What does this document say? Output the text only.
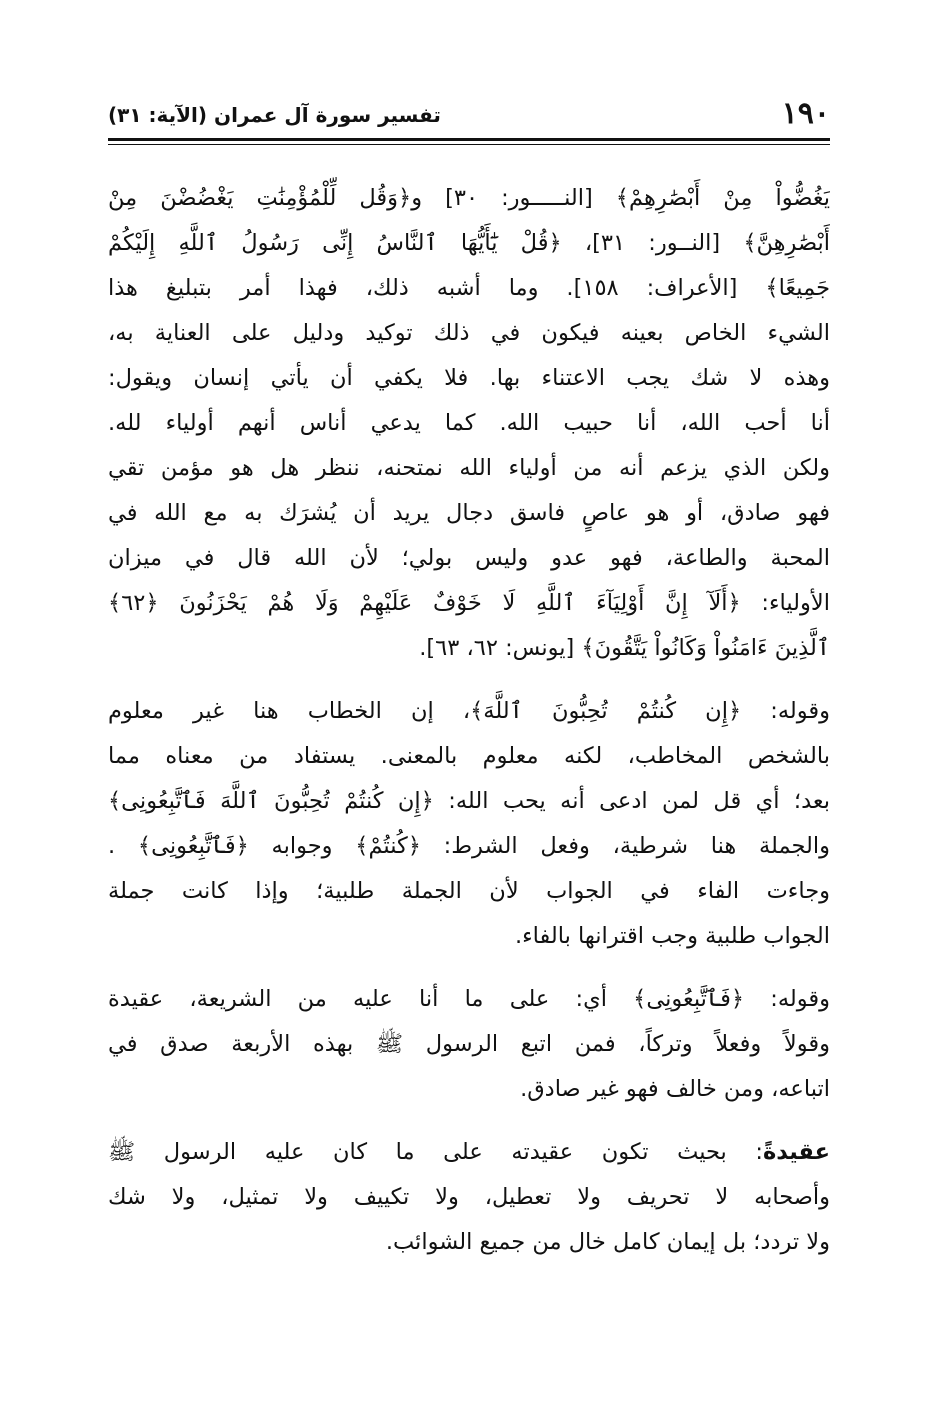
١٩٠
تفسير سورة آل عمران (الآية: ٣١)
يَغُضُّواْ مِنْ أَبْصَٰرِهِمْ﴾ [النـــــور: ٣٠] و﴿وَقُل لِّلْمُؤْمِنَٰتِ يَغْضُضْنَ مِنْ
أَبْصَٰرِهِنَّ﴾ [النــور: ٣١]، ﴿قُلْ يَٰٓأَيُّهَا ٱلنَّاسُ إِنِّى رَسُولُ ٱللَّهِ إِلَيْكُمْ
جَمِيعًا﴾ [الأعراف: ١٥٨]. وما أشبه ذلك، فهذا أمر بتبليغ هذا
الشيء الخاص بعينه فيكون في ذلك توكيد ودليل على العناية به،
وهذه لا شك يجب الاعتناء بها. فلا يكفي أن يأتي إنسان ويقول:
أنا أحب الله، أنا حبيب الله. كما يدعي أناس أنهم أولياء لله.
ولكن الذي يزعم أنه من أولياء الله نمتحنه، ننظر هل هو مؤمن تقي
فهو صادق، أو هو عاصٍ فاسق دجال يريد أن يُشرَك به مع الله في
المحبة والطاعة، فهو عدو وليس بولي؛ لأن الله قال في ميزان
الأولياء: ﴿أَلَآ إِنَّ أَوْلِيَآءَ ٱللَّهِ لَا خَوْفٌ عَلَيْهِمْ وَلَا هُمْ يَحْزَنُونَ ﴿٦٢﴾
ٱلَّذِينَ ءَامَنُواْ وَكَانُواْ يَتَّقُونَ﴾ [يونس: ٦٢، ٦٣].
وقوله: ﴿إِن كُنتُمْ تُحِبُّونَ ٱللَّهَ﴾، إن الخطاب هنا غير معلوم
بالشخص المخاطب، لكنه معلوم بالمعنى. يستفاد من معناه مما
بعد؛ أي قل لمن ادعى أنه يحب الله: ﴿إِن كُنتُمْ تُحِبُّونَ ٱللَّهَ فَٱتَّبِعُونِى﴾
والجملة هنا شرطية، وفعل الشرط: ﴿كُنتُمْ﴾ وجوابه ﴿فَٱتَّبِعُونِى﴾ .
وجاءت الفاء في الجواب لأن الجملة طلبية؛ وإذا كانت جملة
الجواب طلبية وجب اقترانها بالفاء.
وقوله: ﴿فَٱتَّبِعُونِى﴾ أي: على ما أنا عليه من الشريعة، عقيدة
وقولاً وفعلاً وتركاً، فمن اتبع الرسول ﷺ بهذه الأربعة صدق في
اتباعه، ومن خالف فهو غير صادق.
عقيدةً: بحيث تكون عقيدته على ما كان عليه الرسول ﷺ
وأصحابه لا تحريف ولا تعطيل، ولا تكييف ولا تمثيل، ولا شك
ولا تردد؛ بل إيمان كامل خال من جميع الشوائب.
